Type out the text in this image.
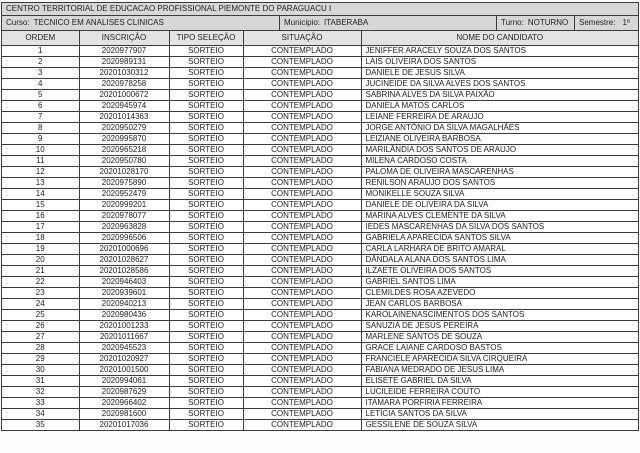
CENTRO TERRITORIAL DE EDUCACAO PROFISSIONAL PIEMONTE DO PARAGUACU I
Curso: TECNICO EM ANALISES CLINICAS	Municipio: ITABERABA	Turno: NOTURNO	Semestre: 1º
ORDEM	INSCRIÇÃO	TIPO SELEÇÃO	SITUAÇÃO	NOME DO CANDIDATO
1	2020977907	SORTEIO	CONTEMPLADO	JENIFFER ARACELY SOUZA DOS SANTOS
2	2020989131	SORTEIO	CONTEMPLADO	LAIS OLIVEIRA DOS SANTOS
3	20201030312	SORTEIO	CONTEMPLADO	DANIELE DE JESUS SILVA
4	2020978258	SORTEIO	CONTEMPLADO	JUCINEIDE DA SILVA ALVES DOS SANTOS
5	20201000672	SORTEIO	CONTEMPLADO	SABRINA ALVES DA SILVA PAIXÃO
6	2020945974	SORTEIO	CONTEMPLADO	DANIELA MATOS CARLOS
7	20201014363	SORTEIO	CONTEMPLADO	LEIANE FERREIRA DE ARAUJO
8	2020950279	SORTEIO	CONTEMPLADO	JORGE ANTÔNIO DA SILVA MAGALHÃES
9	2020995870	SORTEIO	CONTEMPLADO	LEIZIANE OLIVEIRA BARBOSA
10	2020965218	SORTEIO	CONTEMPLADO	MARILÂNDIA DOS SANTOS DE ARAUJO
11	2020950780	SORTEIO	CONTEMPLADO	MILENA CARDOSO COSTA
12	20201028170	SORTEIO	CONTEMPLADO	PALOMA DE OLIVEIRA MASCARENHAS
13	2020975890	SORTEIO	CONTEMPLADO	RENILSON ARAUJO DOS SANTOS
14	2020952479	SORTEIO	CONTEMPLADO	MONIKELLE SOUZA SILVA
15	2020999201	SORTEIO	CONTEMPLADO	DANIELE DE OLIVEIRA DA SILVA
16	2020978077	SORTEIO	CONTEMPLADO	MARINA ALVES CLEMENTE DA SILVA
17	2020963828	SORTEIO	CONTEMPLADO	IEDES MASCARENHAS DA SILVA DOS SANTOS
18	2020996506	SORTEIO	CONTEMPLADO	GABRIELA APARECIDA SANTOS SILVA
19	20201000696	SORTEIO	CONTEMPLADO	CARLA LARHARA DE BRITO AMARAL
20	20201028627	SORTEIO	CONTEMPLADO	DÂNDALA ALANA DOS SANTOS LIMA
21	20201028586	SORTEIO	CONTEMPLADO	ILZAETE OLIVEIRA DOS SANTOS
22	2020946403	SORTEIO	CONTEMPLADO	GABRIEL SANTOS LIMA
23	2020939601	SORTEIO	CONTEMPLADO	CLEMILDES ROSA AZEVEDO
24	2020940213	SORTEIO	CONTEMPLADO	JEAN CARLOS BARBOSA
25	2020980436	SORTEIO	CONTEMPLADO	KAROLAINENASCIMENTOS DOS SANTOS
26	20201001233	SORTEIO	CONTEMPLADO	SANUZIA DE JESUS PEREIRA
27	20201011667	SORTEIO	CONTEMPLADO	MARLENE SANTOS DE SOUZA
28	2020945523	SORTEIO	CONTEMPLADO	GRACE LAIANE CARDOSO BASTOS
29	20201020927	SORTEIO	CONTEMPLADO	FRANCIELE APARECIDA SILVA CIRQUEIRA
30	20201001500	SORTEIO	CONTEMPLADO	FABIANA MEDRADO DE JESUS LIMA
31	2020994061	SORTEIO	CONTEMPLADO	ELISETE GABRIEL DA SILVA
32	2020987629	SORTEIO	CONTEMPLADO	LUCILEIDE FERREIRA COUTO
33	2020966402	SORTEIO	CONTEMPLADO	ITAMARA PORFIRIA FERREIRA
34	2020981600	SORTEIO	CONTEMPLADO	LETÍCIA SANTOS DA SILVA
35	20201017036	SORTEIO	CONTEMPLADO	GESSILENE DE SOUZA SILVA
